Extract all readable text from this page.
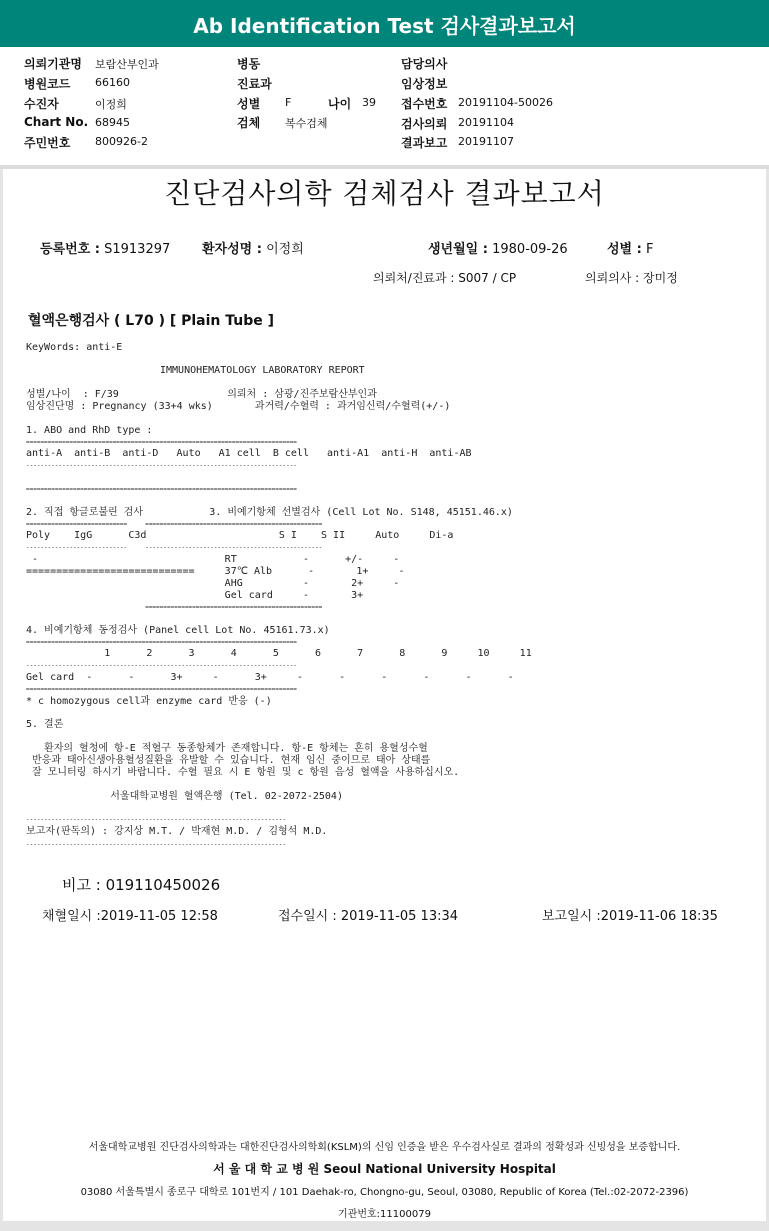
Ab Identification Test 검사결과보고서
의뢰기관명 보람산부인과
병원코드 66160
수진자	이정희
Chart No. 68945
주민번호 800926-2
병동
진료과
성별 F	나이 39
검체 복수검체
담당의사
임상정보
접수번호 20191104-50026
검사의뢰 20191104
결과보고 20191107
진단검사의학 검체검사 결과보고서
등록번호 : S1913297 환자성명 : 이정희	생년월일 : 1980-09-26	성별 : F
의뢰처/진료과 : S007 / CP	의뢰의사 : 장미정
혈액은행검사 ( L70 ) [ Plain Tube ]
KeyWords: anti-E
IMMUNOHEMATOLOGY LABORATORY REPORT
성별/나이  : F/39                  의뢰처 : 삼광/진주보람산부인과
임상진단명 : Pregnancy (33+4 wks)       과거력/수혈력 : 과거임신력/수혈력(+/-)
1. ABO and RhD type :
===========================================================================
anti-A  anti-B  anti-D   Auto   A1 cell  B cell   anti-A1  anti-H  anti-AB
---------------------------------------------------------------------------
===========================================================================
2. 직접 항글로불린 검사           3. 비예기항체 선별검사 (Cell Lot No. S148, 45151.46.x)
============================     =================================================
Poly    IgG      C3d                      S I    S II     Auto     Di-a
----------------------------     -------------------------------------------------
-                               RT           -      +/-     -
============================     37℃ Alb      -       1+     -
AHG          -       2+     -
Gel card     -       3+
=================================================
4. 비예기항체 동정검사 (Panel cell Lot No. 45161.73.x)
===========================================================================
1      2      3      4      5      6      7      8      9     10     11
---------------------------------------------------------------------------
Gel card  -      -      3+     -      3+     -      -      -      -      -      -
===========================================================================
* c homozygous cell과 enzyme card 반응 (-)
5. 결론
환자의 혈청에 항-E 적혈구 동종항체가 존재합니다. 항-E 항체는 흔히 용혈성수혈
반응과 태아신생아용혈성질환을 유발할 수 있습니다. 현재 임신 중이므로 태아 상태를
잘 모니터링 하시기 바랍니다. 수혈 필요 시 E 항원 및 c 항원 음성 혈액을 사용하십시오.
서울대학교병원 혈액은행 (Tel. 02-2072-2504)
------------------------------------------------------------------------
보고자(판독의) : 강지상 M.T. / 박재현 M.D. / 김형석 M.D.
------------------------------------------------------------------------
비고 : 019110450026
채혈일시 :2019-11-05 12:58	접수일시 : 2019-11-05 13:34	보고일시 :2019-11-06 18:35
서울대학교병원 진단검사의학과는 대한진단검사의학회(KSLM)의 신임 인증을 받은 우수검사실로 결과의 정확성과 신빙성을 보증합니다.
서 울 대 학 교 병 원 Seoul National University Hospital
03080 서울특별시 종로구 대학로 101번지 / 101 Daehak-ro, Chongno-gu, Seoul, 03080, Republic of Korea (Tel.:02-2072-2396)
기관번호:11100079
